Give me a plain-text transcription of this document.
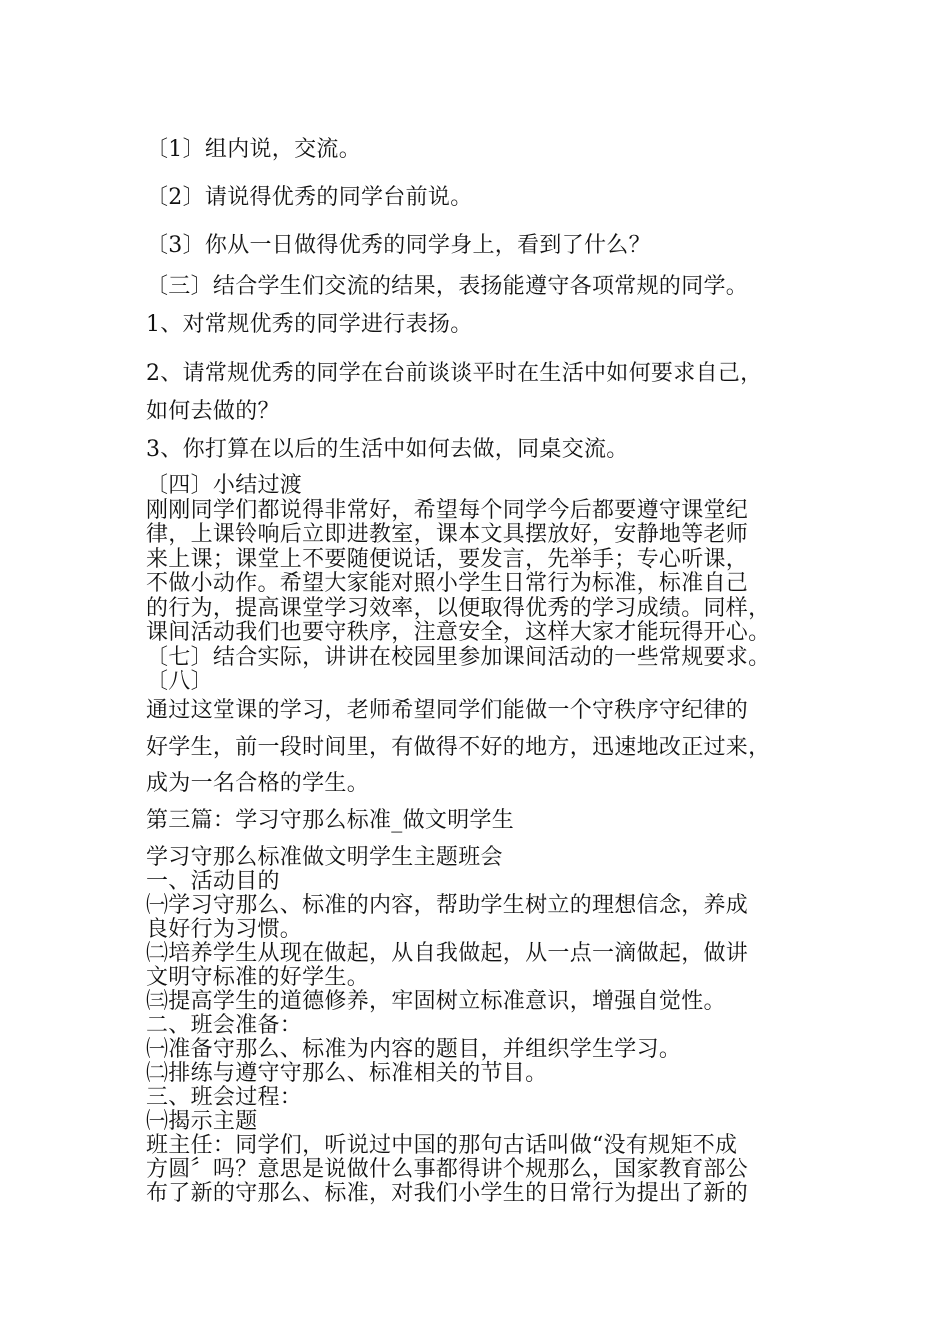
〔1〕组内说，交流。
〔2〕请说得优秀的同学台前说。
〔3〕你从一日做得优秀的同学身上，看到了什么？
〔三〕结合学生们交流的结果，表扬能遵守各项常规的同学。
1、对常规优秀的同学进行表扬。
2、请常规优秀的同学在台前谈谈平时在生活中如何要求自己，
如何去做的？
3、你打算在以后的生活中如何去做，同桌交流。
〔四〕小结过渡
刚刚同学们都说得非常好，希望每个同学今后都要遵守课堂纪
律，上课铃响后立即进教室，课本文具摆放好，安静地等老师
来上课；课堂上不要随便说话，要发言，先举手；专心听课，
不做小动作。希望大家能对照小学生日常行为标准，标准自己
的行为，提高课堂学习效率，以便取得优秀的学习成绩。同样，
课间活动我们也要守秩序，注意安全，这样大家才能玩得开心。
〔七〕结合实际，讲讲在校园里参加课间活动的一些常规要求。
〔八〕
通过这堂课的学习，老师希望同学们能做一个守秩序守纪律的
好学生，前一段时间里，有做得不好的地方，迅速地改正过来，
成为一名合格的学生。
第三篇：学习守那么标准_做文明学生
学习守那么标准做文明学生主题班会
一、活动目的
㈠学习守那么、标准的内容，帮助学生树立的理想信念，养成
良好行为习惯。
㈡培养学生从现在做起，从自我做起，从一点一滴做起，做讲
文明守标准的好学生。
㈢提高学生的道德修养，牢固树立标准意识，增强自觉性。
二、班会准备：
㈠准备守那么、标准为内容的题目，并组织学生学习。
㈡排练与遵守守那么、标准相关的节目。
三、班会过程：
㈠揭示主题
班主任：同学们，听说过中国的那句古话叫做“没有规矩不成
方圆〞吗？意思是说做什么事都得讲个规那么，国家教育部公
布了新的守那么、标准，对我们小学生的日常行为提出了新的
